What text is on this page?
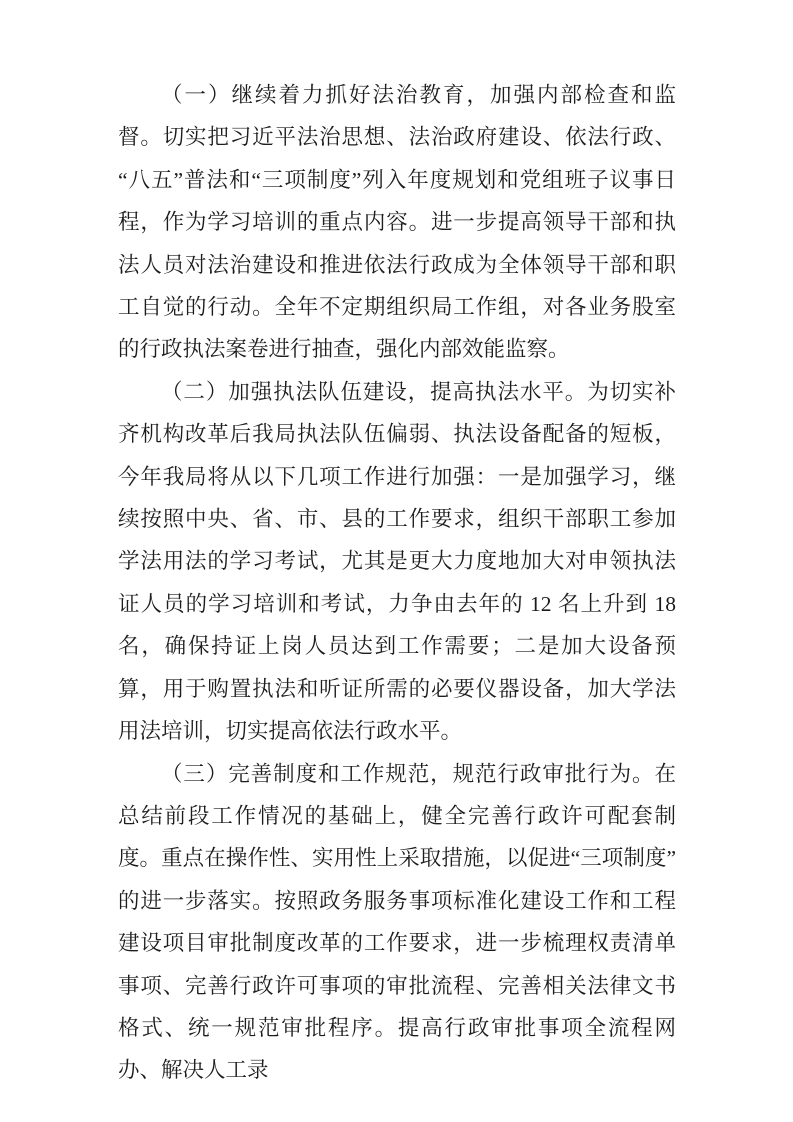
（一）继续着力抓好法治教育，加强内部检查和监督。切实把习近平法治思想、法治政府建设、依法行政、“八五”普法和“三项制度”列入年度规划和党组班子议事日程，作为学习培训的重点内容。进一步提高领导干部和执法人员对法治建设和推进依法行政成为全体领导干部和职工自觉的行动。全年不定期组织局工作组，对各业务股室的行政执法案卷进行抽查，强化内部效能监察。

（二）加强执法队伍建设，提高执法水平。为切实补齐机构改革后我局执法队伍偏弱、执法设备配备的短板，今年我局将从以下几项工作进行加强：一是加强学习，继续按照中央、省、市、县的工作要求，组织干部职工参加学法用法的学习考试，尤其是更大力度地加大对申领执法证人员的学习培训和考试，力争由去年的 12 名上升到 18 名，确保持证上岗人员达到工作需要；二是加大设备预算，用于购置执法和听证所需的必要仪器设备，加大学法用法培训，切实提高依法行政水平。

（三）完善制度和工作规范，规范行政审批行为。在总结前段工作情况的基础上，健全完善行政许可配套制度。重点在操作性、实用性上采取措施，以促进“三项制度”的进一步落实。按照政务服务事项标准化建设工作和工程建设项目审批制度改革的工作要求，进一步梳理权责清单事项、完善行政许可事项的审批流程、完善相关法律文书格式、统一规范审批程序。提高行政审批事项全流程网办、解决人工录
